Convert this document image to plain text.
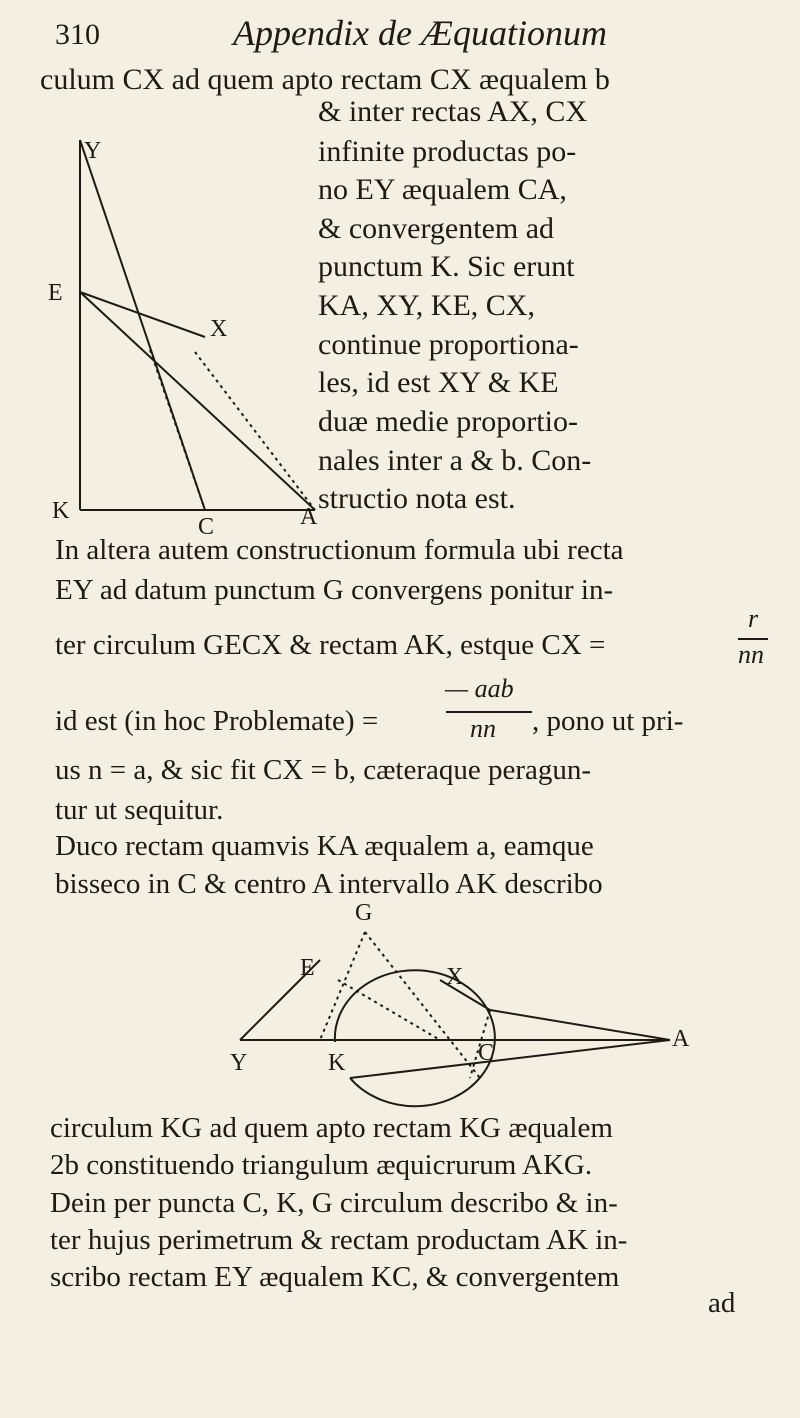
310	Appendix de Æquationum
culum CX ad quem apto rectam CX æqualem b
& inter rectas AX, CX
infinite productas po-
no EY æqualem CA,
& convergentem ad
punctum K. Sic erunt
KA, XY, KE, CX,
continue proportiona-
les, id est XY & KE
duæ medie proportio-
nales inter a & b. Con-
structio nota est.
Y
E
X
K
C	A
In altera autem constructionum formula ubi recta
EY ad datum punctum G convergens ponitur in-
ter circulum GECX & rectam AK, estque CX =
r
nn
id est (in hoc Problemate) =
— aab
nn , pono ut pri-
us n = a, & sic fit CX = b, cæteraque peragun-
tur ut sequitur.
Duco rectam quamvis KA æqualem a, eamque
bisseco in C & centro A intervallo AK describo
G
E	X
Y	K	C
A
circulum KG ad quem apto rectam KG æqualem
2b constituendo triangulum æquicrurum AKG.
Dein per puncta C, K, G circulum describo & in-
ter hujus perimetrum & rectam productam AK in-
scribo rectam EY æqualem KC, & convergentem
ad
